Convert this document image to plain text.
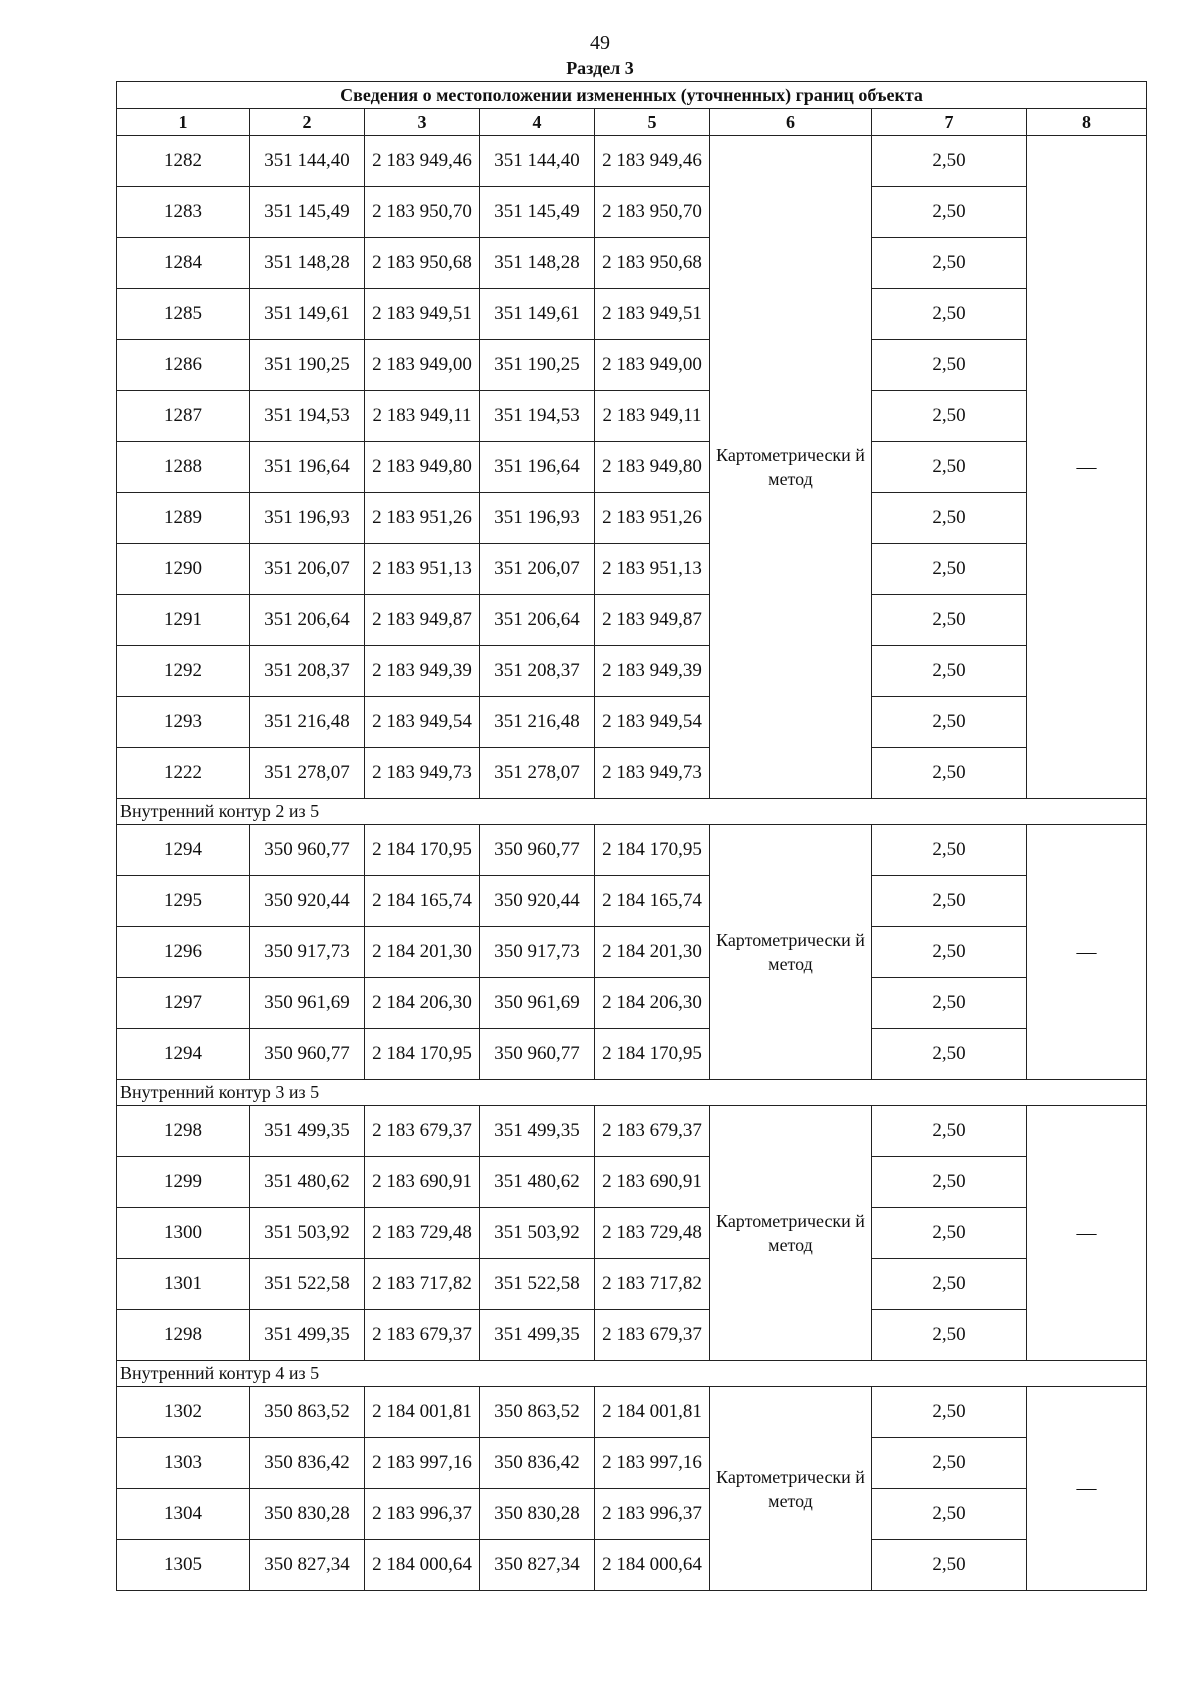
49
Раздел 3
Сведения о местоположении измененных (уточненных) границ объекта							
1	2	3	4	5	6	7	8
1282	351 144,40	2 183 949,46	351 144,40	2 183 949,46	Картометрически й метод	2,50	—
1283	351 145,49	2 183 950,70	351 145,49	2 183 950,70		2,50	
1284	351 148,28	2 183 950,68	351 148,28	2 183 950,68		2,50	
1285	351 149,61	2 183 949,51	351 149,61	2 183 949,51		2,50	
1286	351 190,25	2 183 949,00	351 190,25	2 183 949,00		2,50	
1287	351 194,53	2 183 949,11	351 194,53	2 183 949,11		2,50	
1288	351 196,64	2 183 949,80	351 196,64	2 183 949,80		2,50	
1289	351 196,93	2 183 951,26	351 196,93	2 183 951,26		2,50	
1290	351 206,07	2 183 951,13	351 206,07	2 183 951,13		2,50	
1291	351 206,64	2 183 949,87	351 206,64	2 183 949,87		2,50	
1292	351 208,37	2 183 949,39	351 208,37	2 183 949,39		2,50	
1293	351 216,48	2 183 949,54	351 216,48	2 183 949,54		2,50	
1222	351 278,07	2 183 949,73	351 278,07	2 183 949,73		2,50	
Внутренний контур 2 из 5							
1294	350 960,77	2 184 170,95	350 960,77	2 184 170,95	Картометрически й метод	2,50	—
1295	350 920,44	2 184 165,74	350 920,44	2 184 165,74		2,50	
1296	350 917,73	2 184 201,30	350 917,73	2 184 201,30		2,50	
1297	350 961,69	2 184 206,30	350 961,69	2 184 206,30		2,50	
1294	350 960,77	2 184 170,95	350 960,77	2 184 170,95		2,50	
Внутренний контур 3 из 5							
1298	351 499,35	2 183 679,37	351 499,35	2 183 679,37	Картометрически й метод	2,50	—
1299	351 480,62	2 183 690,91	351 480,62	2 183 690,91		2,50	
1300	351 503,92	2 183 729,48	351 503,92	2 183 729,48		2,50	
1301	351 522,58	2 183 717,82	351 522,58	2 183 717,82		2,50	
1298	351 499,35	2 183 679,37	351 499,35	2 183 679,37		2,50	
Внутренний контур 4 из 5							
1302	350 863,52	2 184 001,81	350 863,52	2 184 001,81	Картометрически й метод	2,50	—
1303	350 836,42	2 183 997,16	350 836,42	2 183 997,16		2,50	
1304	350 830,28	2 183 996,37	350 830,28	2 183 996,37		2,50	
1305	350 827,34	2 184 000,64	350 827,34	2 184 000,64		2,50	
